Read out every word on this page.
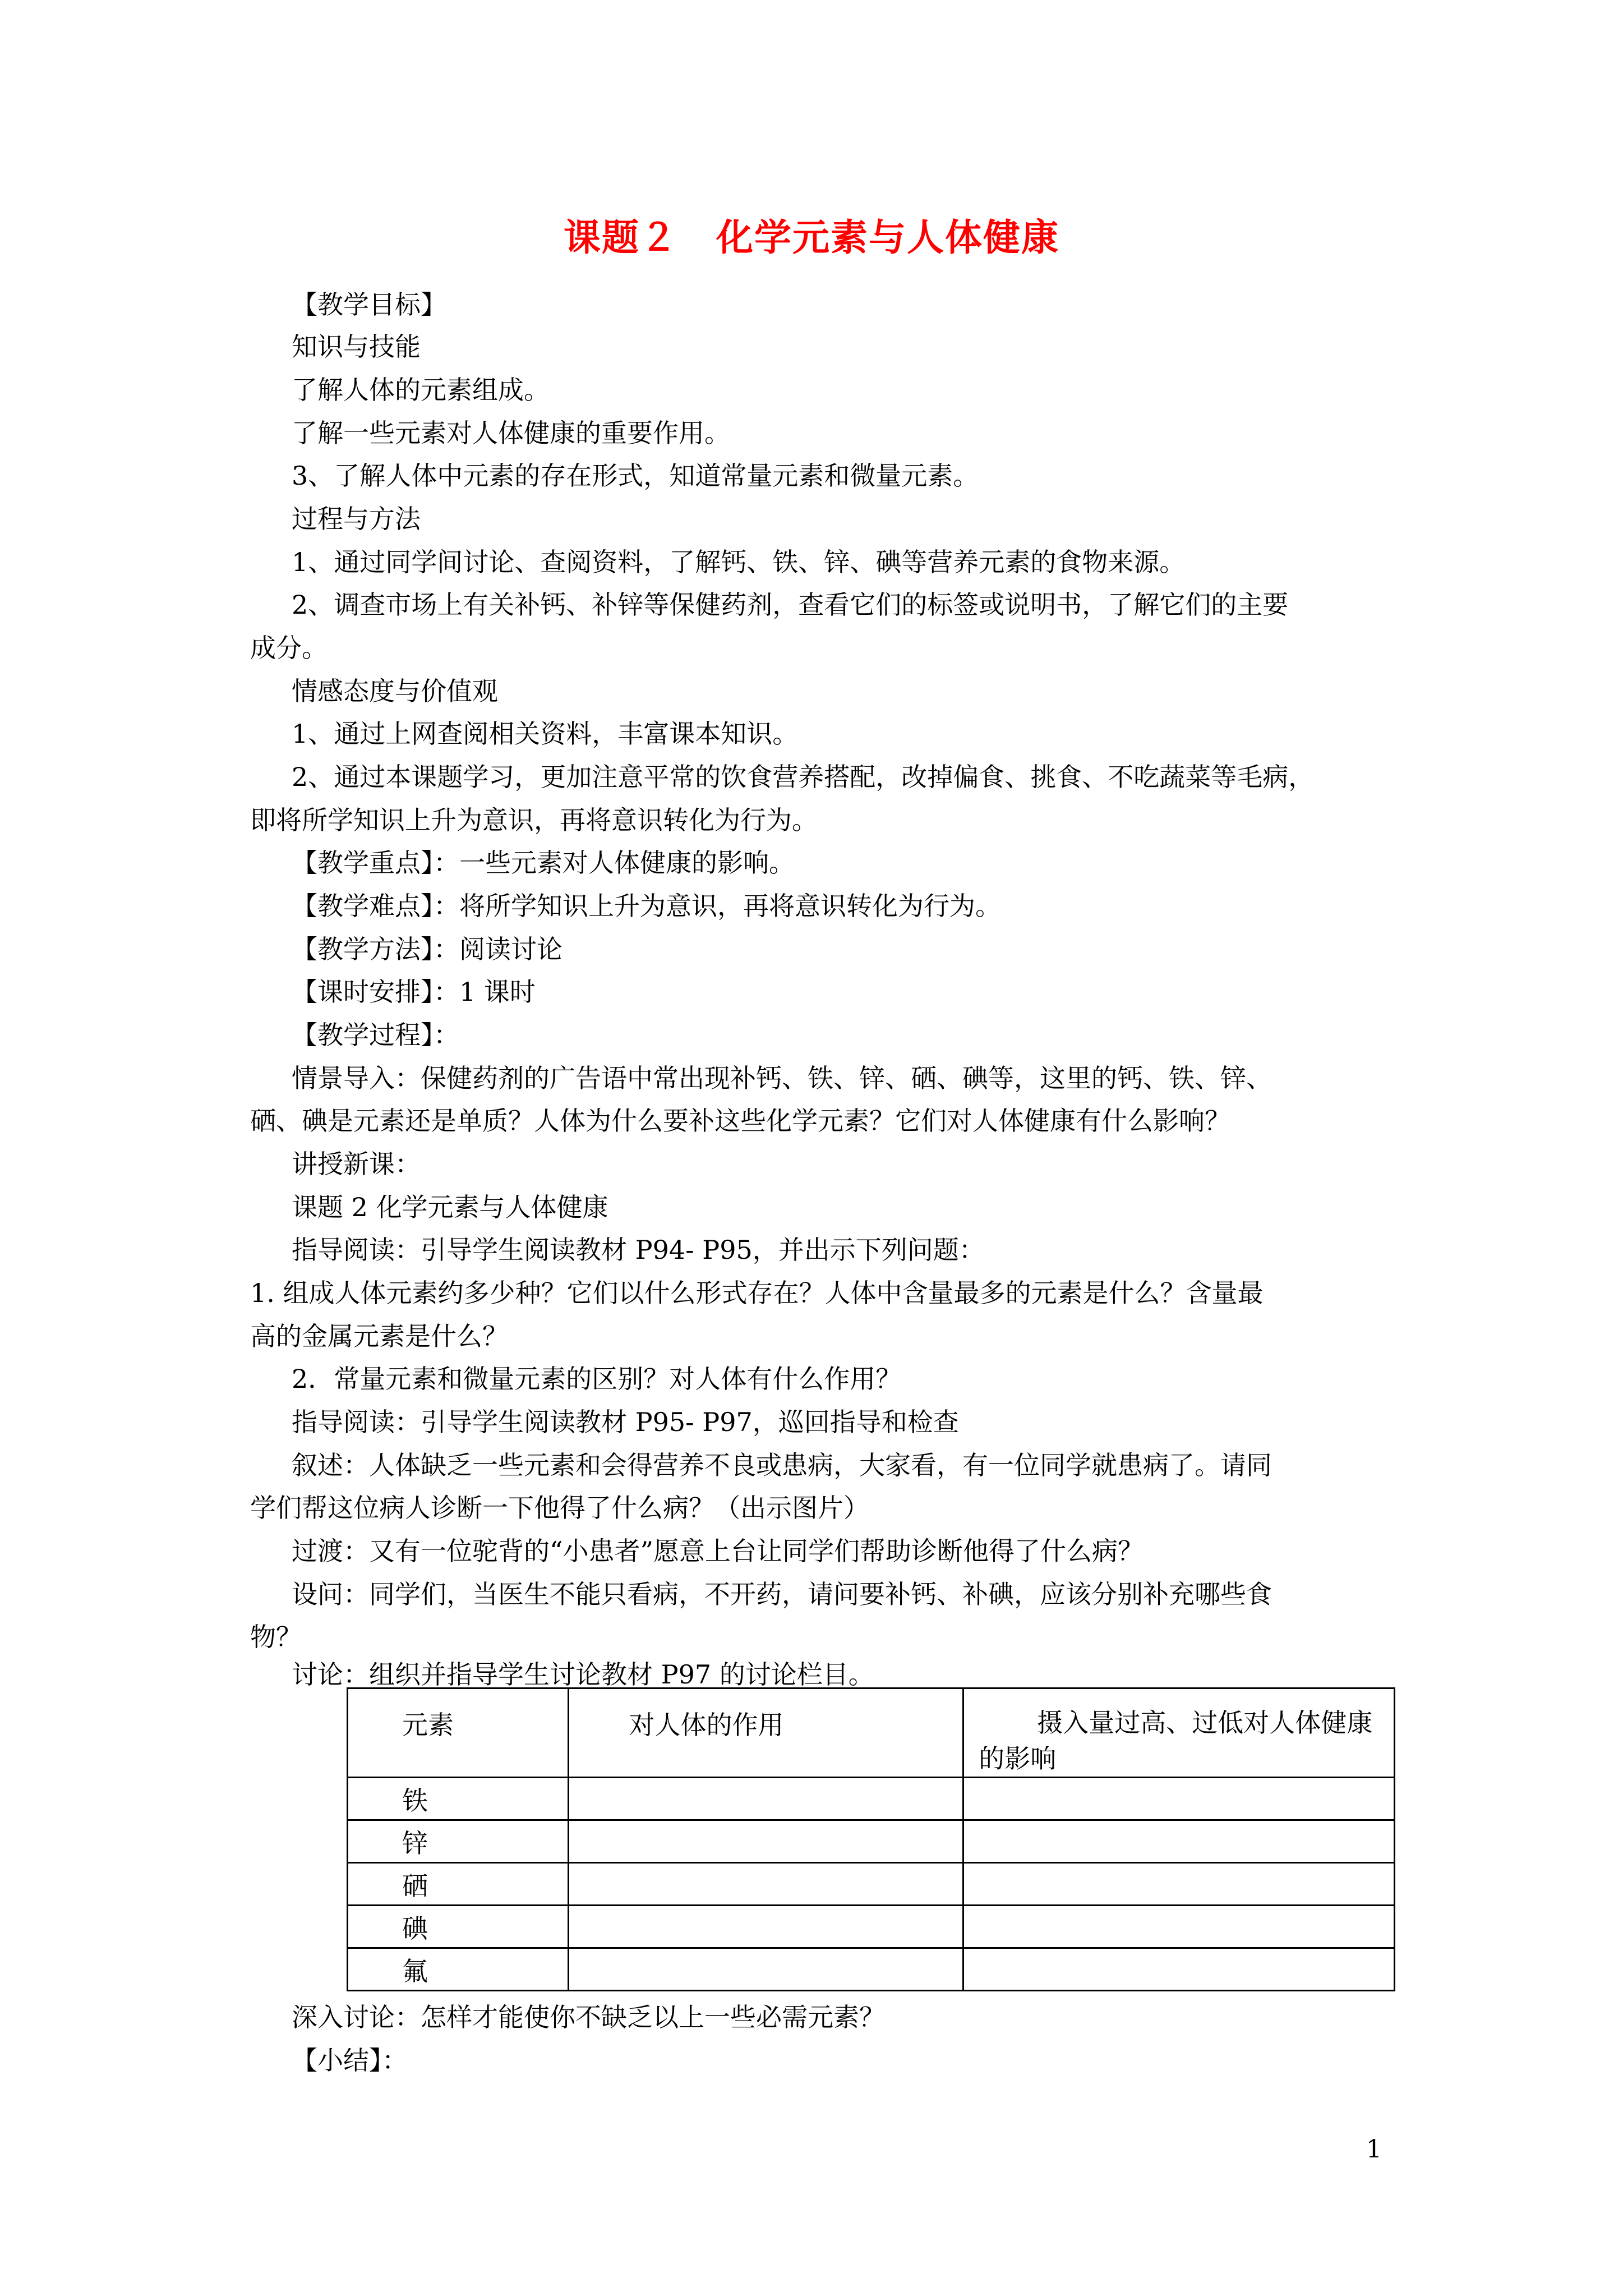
课题２　化学元素与人体健康
【教学目标】
知识与技能
了解人体的元素组成。
了解一些元素对人体健康的重要作用。
3、了解人体中元素的存在形式，知道常量元素和微量元素。
过程与方法
1、通过同学间讨论、查阅资料，了解钙、铁、锌、碘等营养元素的食物来源。
2、调查市场上有关补钙、补锌等保健药剂，查看它们的标签或说明书，了解它们的主要
成分。
情感态度与价值观
1、通过上网查阅相关资料，丰富课本知识。
2、通过本课题学习，更加注意平常的饮食营养搭配，改掉偏食、挑食、不吃蔬菜等毛病，
即将所学知识上升为意识，再将意识转化为行为。
【教学重点】：一些元素对人体健康的影响。
【教学难点】：将所学知识上升为意识，再将意识转化为行为。
【教学方法】：阅读讨论
【课时安排】：1 课时
【教学过程】：
情景导入：保健药剂的广告语中常出现补钙、铁、锌、硒、碘等，这里的钙、铁、锌、
硒、碘是元素还是单质？人体为什么要补这些化学元素？它们对人体健康有什么影响？
讲授新课：
课题 2 化学元素与人体健康
指导阅读：引导学生阅读教材 P94- P95，并出示下列问题：
1. 组成人体元素约多少种？它们以什么形式存在？人体中含量最多的元素是什么？含量最
高的金属元素是什么？
2．常量元素和微量元素的区别？对人体有什么作用？
指导阅读：引导学生阅读教材 P95- P97，巡回指导和检查
叙述：人体缺乏一些元素和会得营养不良或患病，大家看，有一位同学就患病了。请同
学们帮这位病人诊断一下他得了什么病？（出示图片）
过渡：又有一位驼背的“小患者”愿意上台让同学们帮助诊断他得了什么病？
设问：同学们，当医生不能只看病，不开药，请问要补钙、补碘，应该分别补充哪些食
物？
讨论：组织并指导学生讨论教材 P97 的讨论栏目。
元素	对人体的作用	摄入量过高、过低对人体健康
的影响
铁		
锌		
硒		
碘		
氟		
深入讨论：怎样才能使你不缺乏以上一些必需元素？
【小结】：
1
